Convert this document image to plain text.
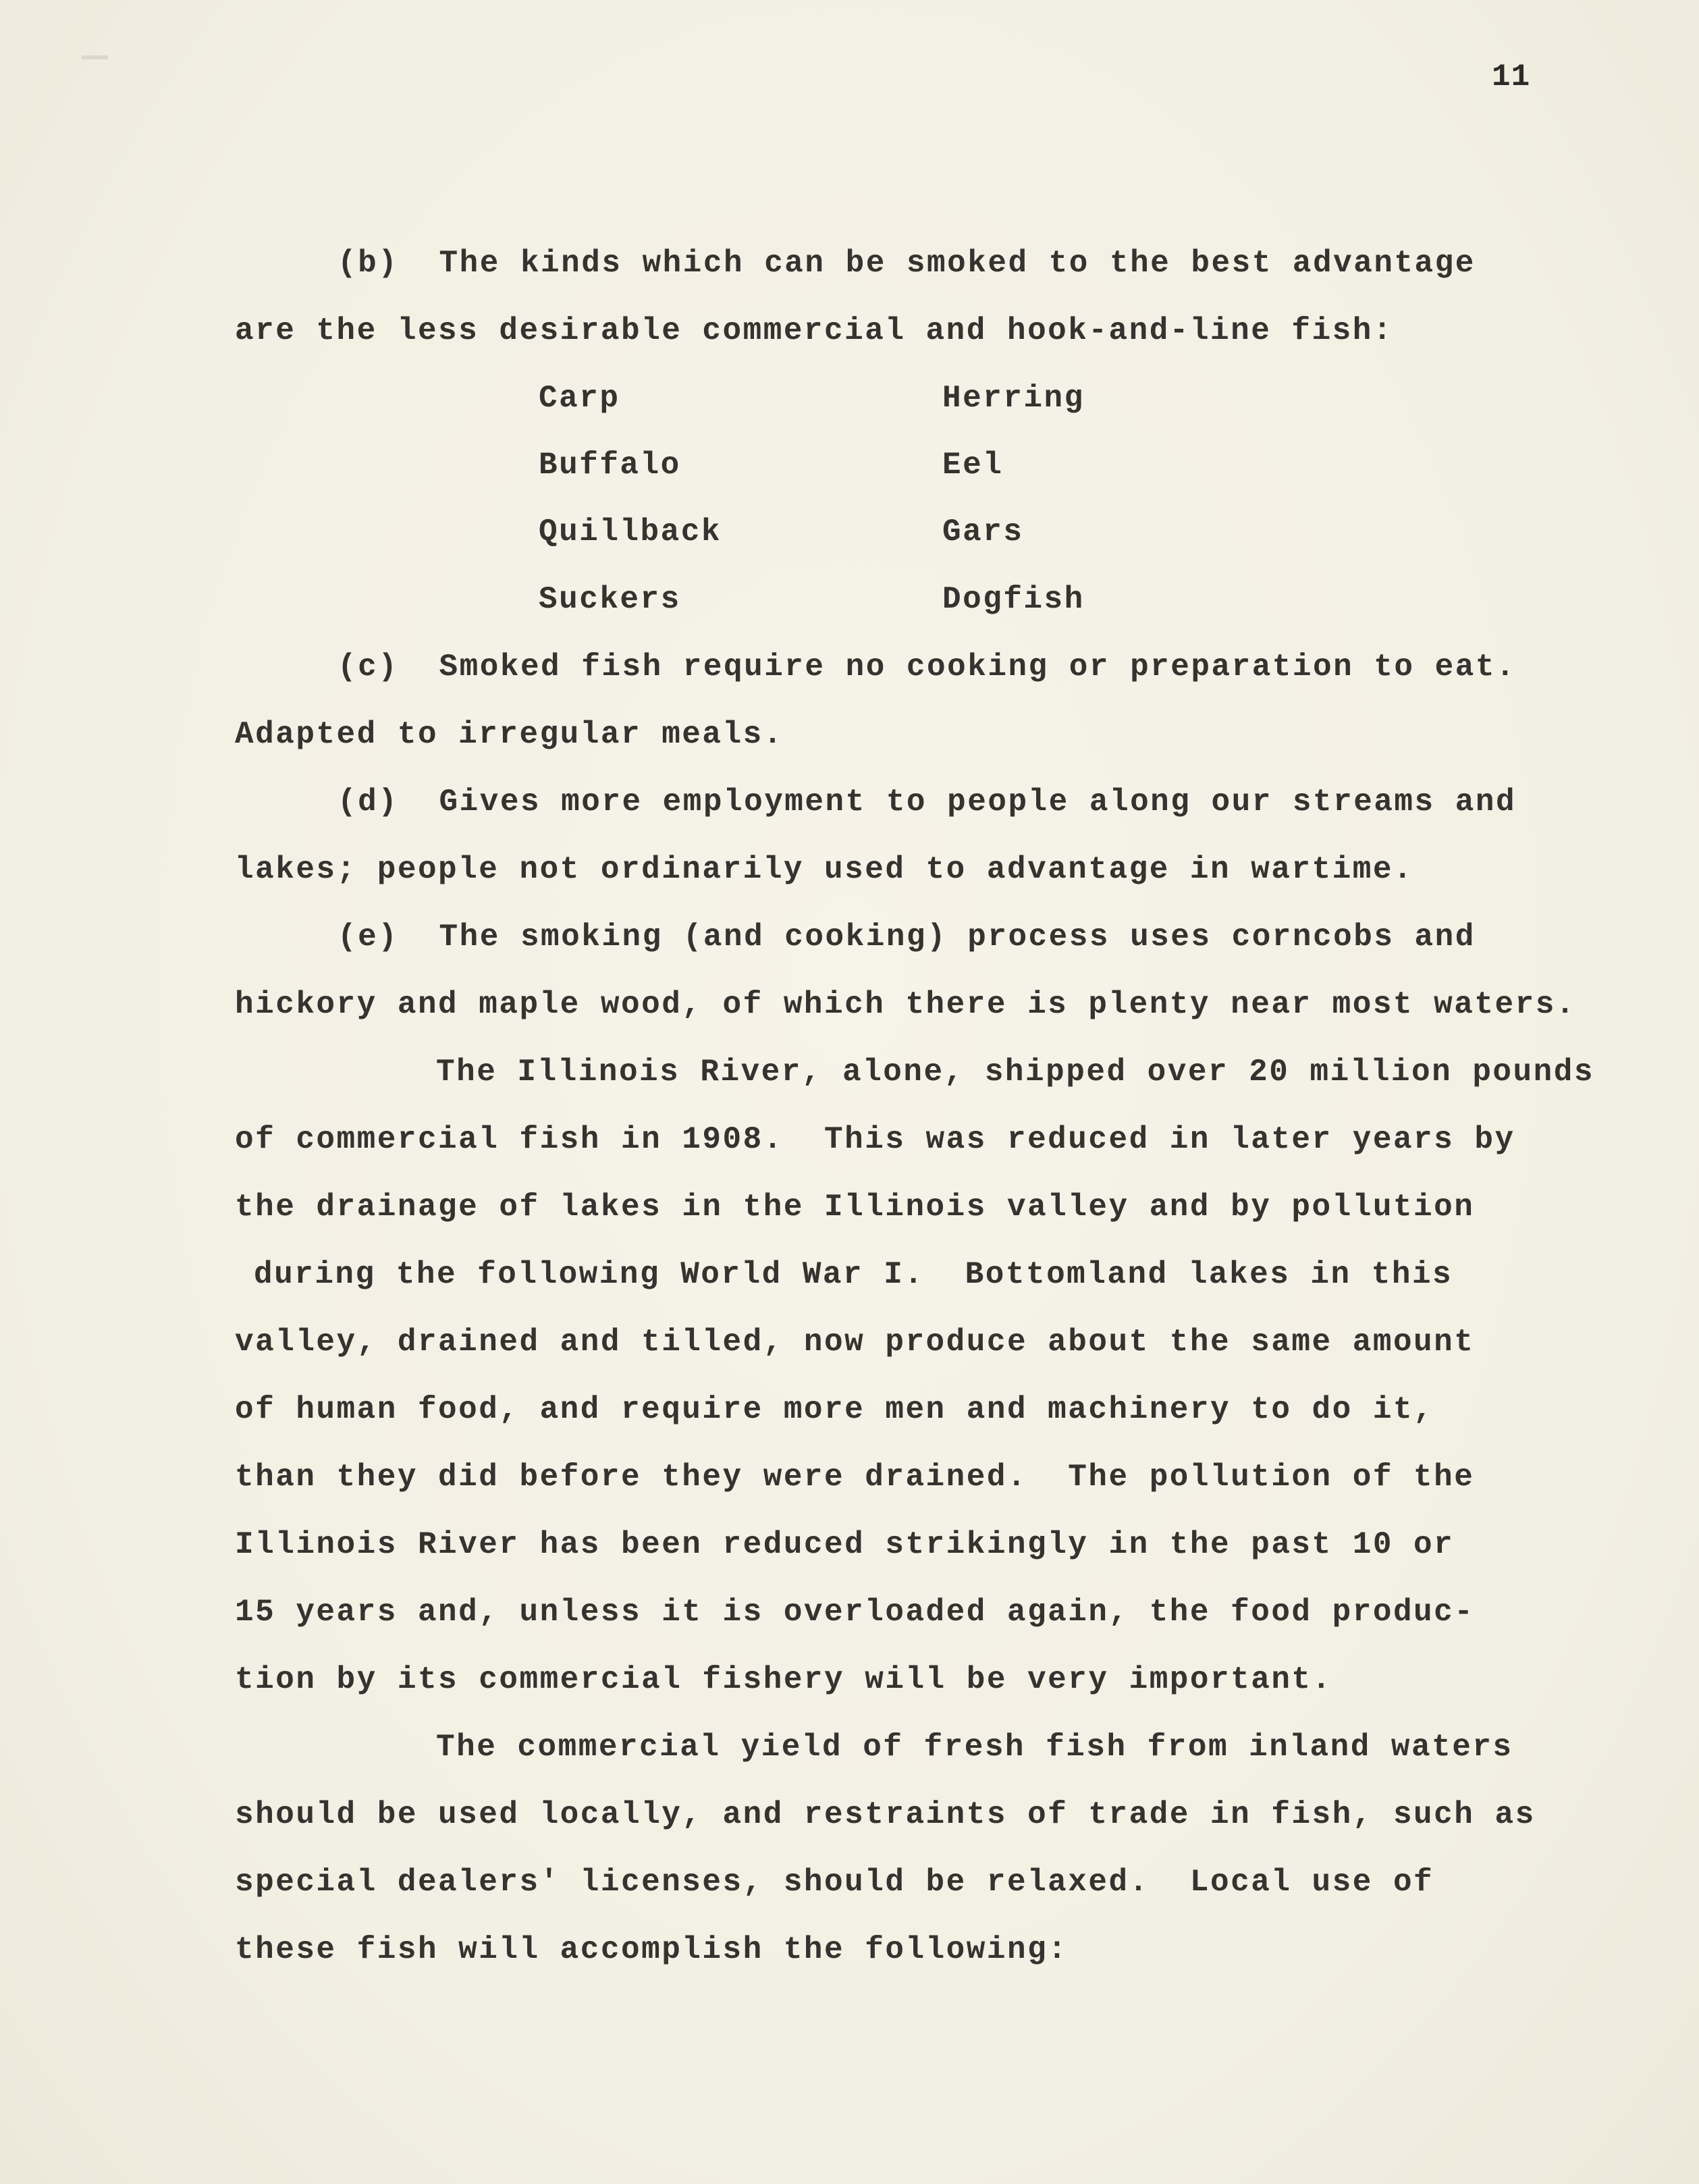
11
(b)  The kinds which can be smoked to the best advantage
are the less desirable commercial and hook-and-line fish:
Carp	Herring
Buffalo	Eel
Quillback	Gars
Suckers	Dogfish
(c)  Smoked fish require no cooking or preparation to eat.
Adapted to irregular meals.
(d)  Gives more employment to people along our streams and
lakes; people not ordinarily used to advantage in wartime.
(e)  The smoking (and cooking) process uses corncobs and
hickory and maple wood, of which there is plenty near most waters.
The Illinois River, alone, shipped over 20 million pounds
of commercial fish in 1908.  This was reduced in later years by
the drainage of lakes in the Illinois valley and by pollution
during the following World War I.  Bottomland lakes in this
valley, drained and tilled, now produce about the same amount
of human food, and require more men and machinery to do it,
than they did before they were drained.  The pollution of the
Illinois River has been reduced strikingly in the past 10 or
15 years and, unless it is overloaded again, the food produc-
tion by its commercial fishery will be very important.
The commercial yield of fresh fish from inland waters
should be used locally, and restraints of trade in fish, such as
special dealers' licenses, should be relaxed.  Local use of
these fish will accomplish the following:
